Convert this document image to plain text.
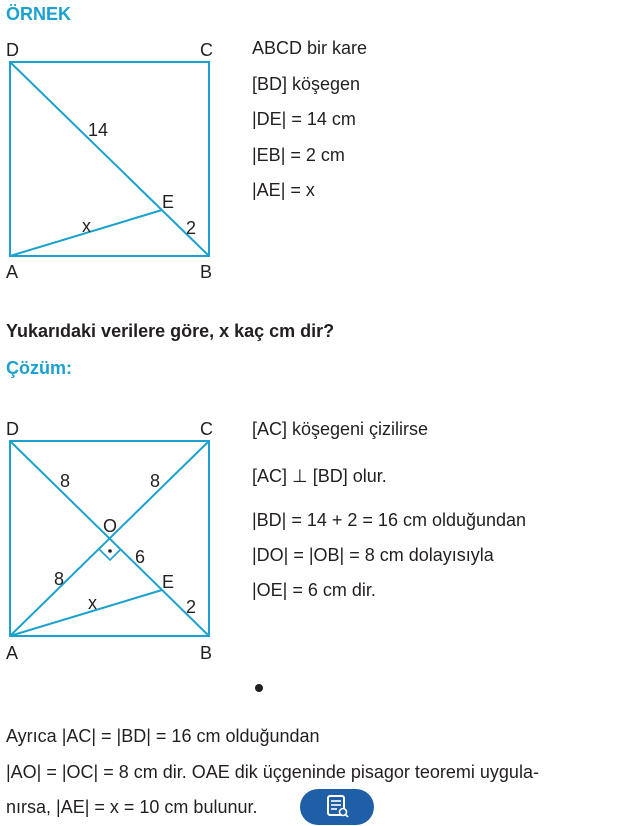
ÖRNEK
D	C
A	B
E
14
2
x
ABCD bir kare
[BD] köşegen
|DE| = 14 cm
|EB| = 2 cm
|AE| = x
Yukarıdaki verilere göre, x kaç cm dir?
Çözüm:
D	C
A	B
O
E
8	8
8
6
2
x
[AC] köşegeni çizilirse
[AC] ⊥ [BD] olur.
|BD| = 14 + 2 = 16 cm olduğundan
|DO| = |OB| = 8 cm dolayısıyla
|OE| = 6 cm dir.
Ayrıca |AC| = |BD| = 16 cm olduğundan
|AO| = |OC| = 8 cm dir. OAE dik üçgeninde pisagor teoremi uygula-
nırsa, |AE| = x = 10 cm bulunur.
